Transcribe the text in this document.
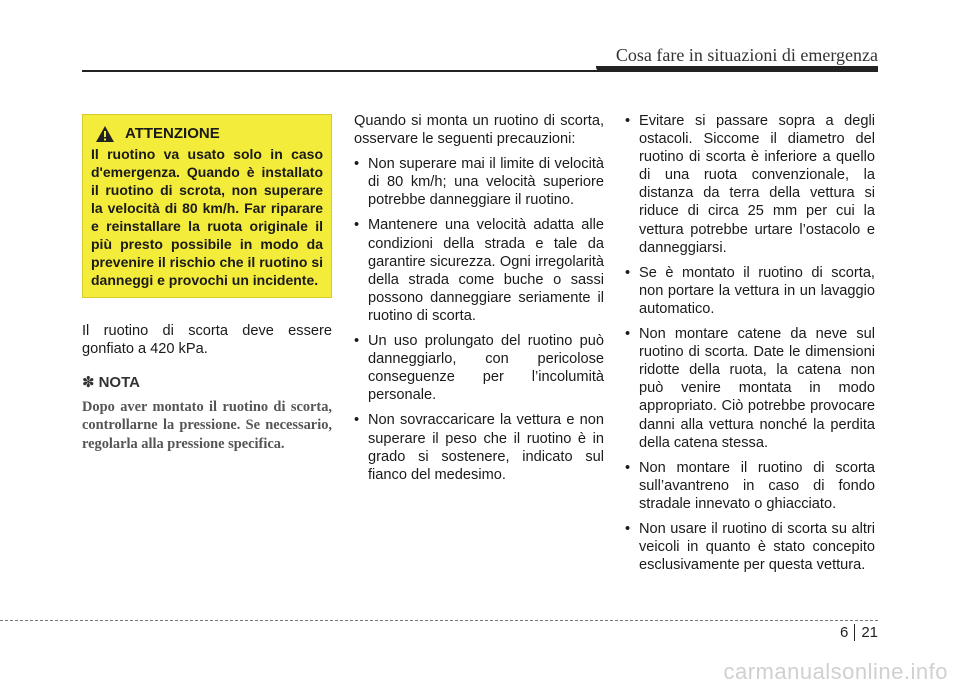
Cosa fare in situazioni di emergenza
ATTENZIONE
Il ruotino va usato solo in caso d'emergenza. Quando è installato il ruotino di scrota, non superare la velocità di 80 km/h. Far riparare e reinstallare la ruota originale il più presto possibile in modo da prevenire il rischio che il ruotino si danneggi e provochi un incidente.

Il ruotino di scorta deve essere gonfiato a 420 kPa.

✽ NOTA
Dopo aver montato il ruotino di scorta, controllarne la pressione. Se necessario, regolarla alla pressione specifica.

Quando si monta un ruotino di scorta, osservare le seguenti precauzioni:

• Non superare mai il limite di velocità di 80 km/h; una velocità superiore potrebbe danneggiare il ruotino.
• Mantenere una velocità adatta alle condizioni della strada e tale da garantire sicurezza. Ogni irregolarità della strada come buche o sassi possono danneggiare seriamente il ruotino di scorta.
• Un uso prolungato del ruotino può danneggiarlo, con pericolose conseguenze per l’incolumità personale.
• Non sovraccaricare la vettura e non superare il peso che il ruotino è in grado si sostenere, indicato sul fianco del medesimo.
• Evitare si passare sopra a degli ostacoli. Siccome il diametro del ruotino di scorta è inferiore a quello di una ruota convenzionale, la distanza da terra della vettura si riduce di circa 25 mm per cui la vettura potrebbe urtare l’ostacolo e danneggiarsi.
• Se è montato il ruotino di scorta, non portare la vettura in un lavaggio automatico.
• Non montare catene da neve sul ruotino di scorta. Date le dimensioni ridotte della ruota, la catena non può venire montata in modo appropriato. Ciò potrebbe provocare danni alla vettura nonché la perdita della catena stessa.
• Non montare il ruotino di scorta sull’avantreno in caso di fondo stradale innevato o ghiacciato.
• Non usare il ruotino di scorta su altri veicoli in quanto è stato concepito esclusivamente per questa vettura.
6 21
carmanualsonline.info
